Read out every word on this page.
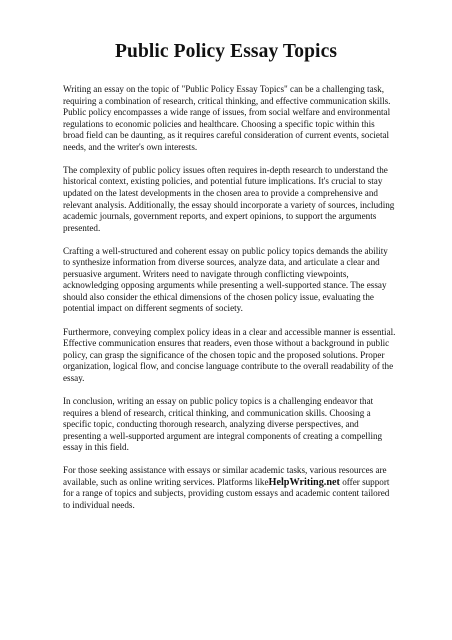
Public Policy Essay Topics

Writing an essay on the topic of "Public Policy Essay Topics" can be a challenging task, requiring a combination of research, critical thinking, and effective communication skills. Public policy encompasses a wide range of issues, from social welfare and environmental regulations to economic policies and healthcare. Choosing a specific topic within this broad field can be daunting, as it requires careful consideration of current events, societal needs, and the writer's own interests.

The complexity of public policy issues often requires in-depth research to understand the historical context, existing policies, and potential future implications. It's crucial to stay updated on the latest developments in the chosen area to provide a comprehensive and relevant analysis. Additionally, the essay should incorporate a variety of sources, including academic journals, government reports, and expert opinions, to support the arguments presented.

Crafting a well-structured and coherent essay on public policy topics demands the ability to synthesize information from diverse sources, analyze data, and articulate a clear and persuasive argument. Writers need to navigate through conflicting viewpoints, acknowledging opposing arguments while presenting a well-supported stance. The essay should also consider the ethical dimensions of the chosen policy issue, evaluating the potential impact on different segments of society.

Furthermore, conveying complex policy ideas in a clear and accessible manner is essential. Effective communication ensures that readers, even those without a background in public policy, can grasp the significance of the chosen topic and the proposed solutions. Proper organization, logical flow, and concise language contribute to the overall readability of the essay.

In conclusion, writing an essay on public policy topics is a challenging endeavor that requires a blend of research, critical thinking, and communication skills. Choosing a specific topic, conducting thorough research, analyzing diverse perspectives, and presenting a well-supported argument are integral components of creating a compelling essay in this field.

For those seeking assistance with essays or similar academic tasks, various resources are available, such as online writing services. Platforms likeHelpWriting.net offer support for a range of topics and subjects, providing custom essays and academic content tailored to individual needs.
